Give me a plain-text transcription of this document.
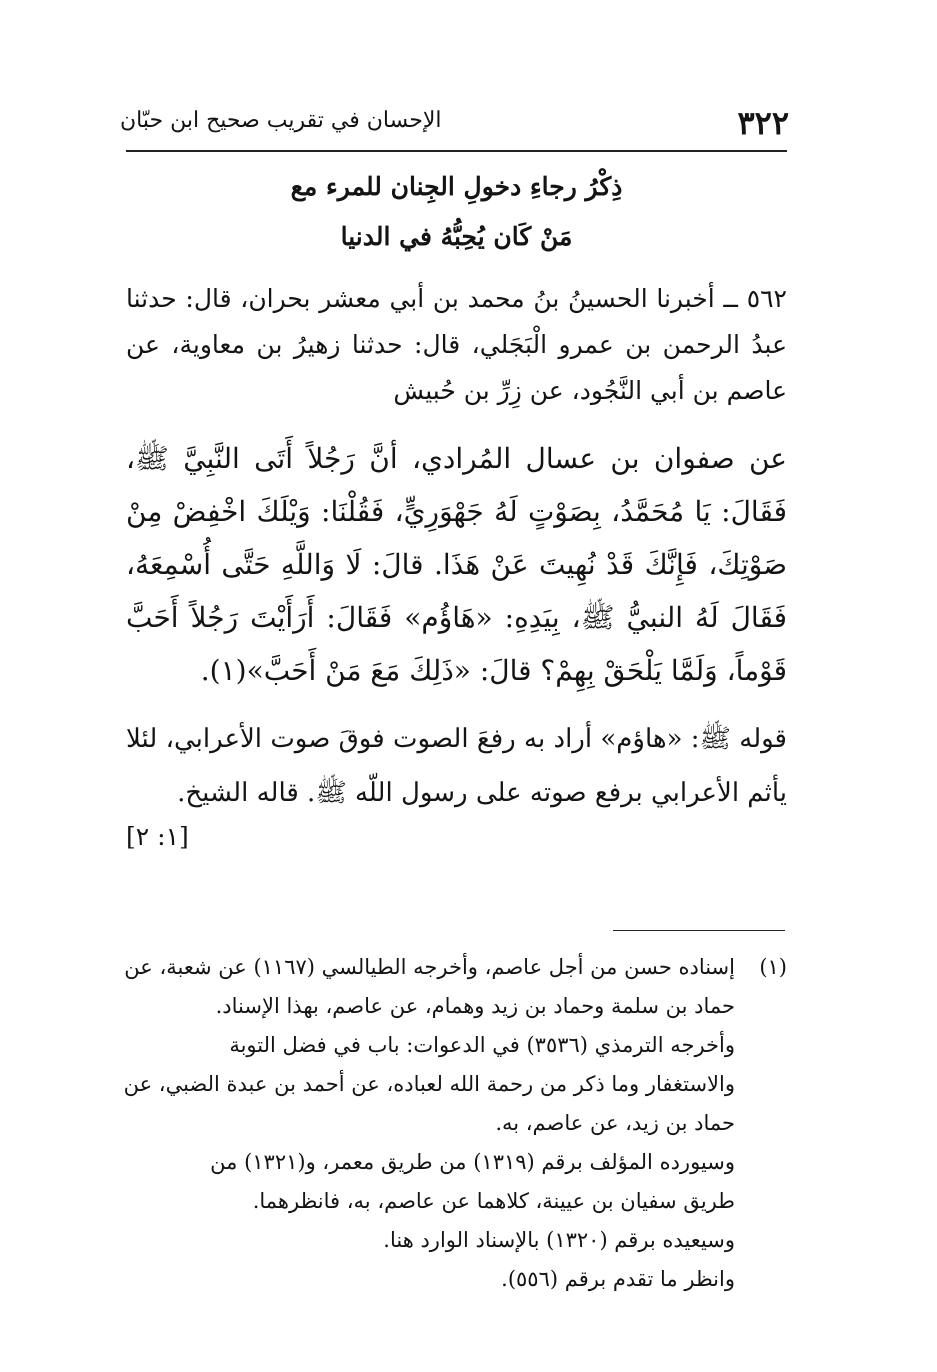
٣٢٢
الإحسان في تقريب صحيح ابن حبّان
ذِكْرُ رجاءِ دخولِ الجِنان للمرء مع
مَنْ كَان يُحِبُّهُ في الدنيا
٥٦٢ ــ أخبرنا الحسينُ بنُ محمد بن أبي معشر بحران، قال: حدثنا عبدُ الرحمن بن عمرو الْبَجَلي، قال: حدثنا زهيرُ بن معاوية، عن عاصم بن أبي النَّجُود، عن زِرِّ بن حُبيش
عن صفوان بن عسال المُرادي، أنَّ رَجُلاً أَتَى النَّبِيَّ ﷺ، فَقَالَ: يَا مُحَمَّدُ، بِصَوْتٍ لَهُ جَهْوَرِيٍّ، فَقُلْنَا: وَيْلَكَ اخْفِضْ مِنْ صَوْتِكَ، فَإِنَّكَ قَدْ نُهِيتَ عَنْ هَذَا. قالَ: لَا وَاللَّهِ حَتَّى أُسْمِعَهُ، فَقَالَ لَهُ النبيُّ ﷺ، بِيَدِهِ: «هَاؤُم» فَقَالَ: أَرَأَيْتَ رَجُلاً أَحَبَّ قَوْماً، وَلَمَّا يَلْحَقْ بِهِمْ؟ قالَ: «ذَلِكَ مَعَ مَنْ أَحَبَّ»(١).
قوله ﷺ: «هاؤم» أراد به رفعَ الصوت فوقَ صوت الأعرابي، لئلا يأثم الأعرابي برفع صوته على رسول اللّه ﷺ. قاله الشيخ.
[١: ٢]
(١)
إسناده حسن من أجل عاصم، وأخرجه الطيالسي (١١٦٧) عن شعبة، عن
حماد بن سلمة وحماد بن زيد وهمام، عن عاصم، بهذا الإسناد.
وأخرجه الترمذي (٣٥٣٦) في الدعوات: باب في فضل التوبة
والاستغفار وما ذكر من رحمة الله لعباده، عن أحمد بن عبدة الضبي، عن
حماد بن زيد، عن عاصم، به.
وسيورده المؤلف برقم (١٣١٩) من طريق معمر، و(١٣٢١) من
طريق سفيان بن عيينة، كلاهما عن عاصم، به، فانظرهما.
وسيعيده برقم (١٣٢٠) بالإسناد الوارد هنا.
وانظر ما تقدم برقم (٥٥٦).
